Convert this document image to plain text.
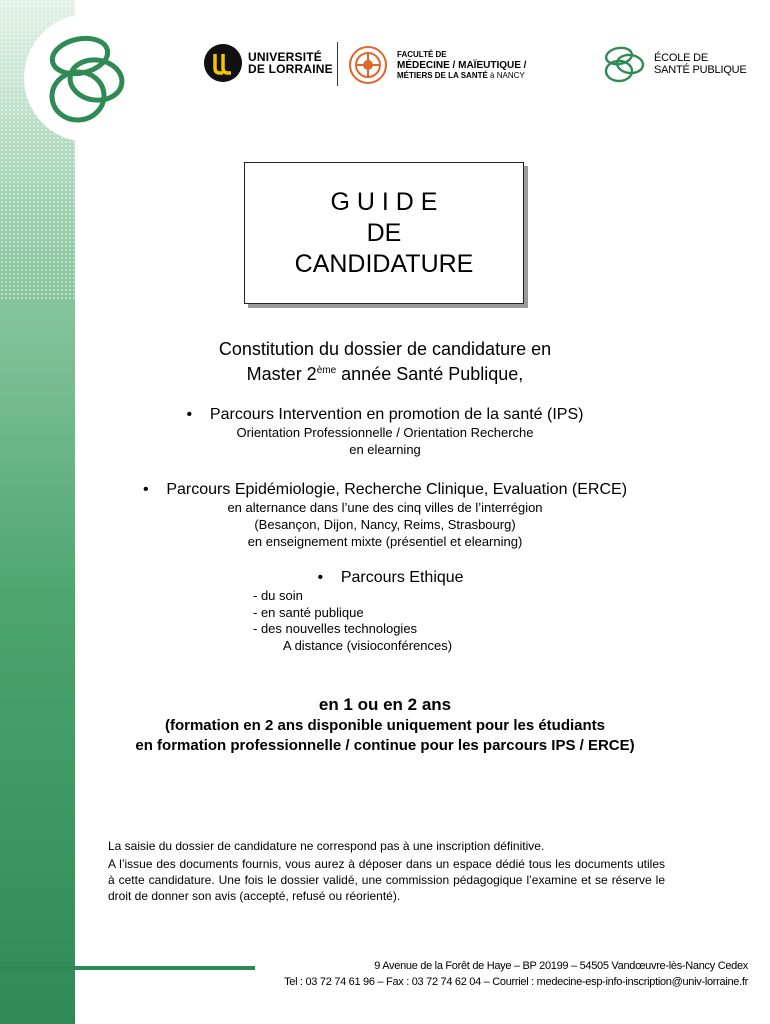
UNIVERSITÉ
DE LORRAINE
FACULTÉ DE
MÉDECINE / MAÏEUTIQUE /
MÉTIERS DE LA SANTÉ à NANCY
ÉCOLE DE
SANTÉ PUBLIQUE
G U I D E
DE
CANDIDATURE
Constitution du dossier de candidature en
Master 2ème année Santé Publique,
•    Parcours Intervention en promotion de la santé (IPS)
Orientation Professionnelle / Orientation Recherche
en elearning
•    Parcours Epidémiologie, Recherche Clinique, Evaluation (ERCE)
en alternance dans l’une des cinq villes de l’interrégion
(Besançon, Dijon, Nancy, Reims, Strasbourg)
en enseignement mixte (présentiel et elearning)
•    Parcours Ethique
- du soin
- en santé publique
- des nouvelles technologies
A distance (visioconférences)
en 1 ou en 2 ans
(formation en 2 ans disponible uniquement pour les étudiants
en formation professionnelle / continue pour les parcours IPS / ERCE)
La saisie du dossier de candidature ne correspond pas à une inscription définitive.
A l’issue des documents fournis, vous aurez à déposer dans un espace dédié tous les documents utiles à cette candidature. Une fois le dossier validé, une commission pédagogique l’examine et se réserve le droit de donner son avis (accepté, refusé ou réorienté).
9 Avenue de la Forêt de Haye – BP 20199 – 54505 Vandœuvre-lès-Nancy Cedex
Tel : 03 72 74 61 96 – Fax : 03 72 74 62 04 – Courriel : medecine-esp-info-inscription@univ-lorraine.fr
